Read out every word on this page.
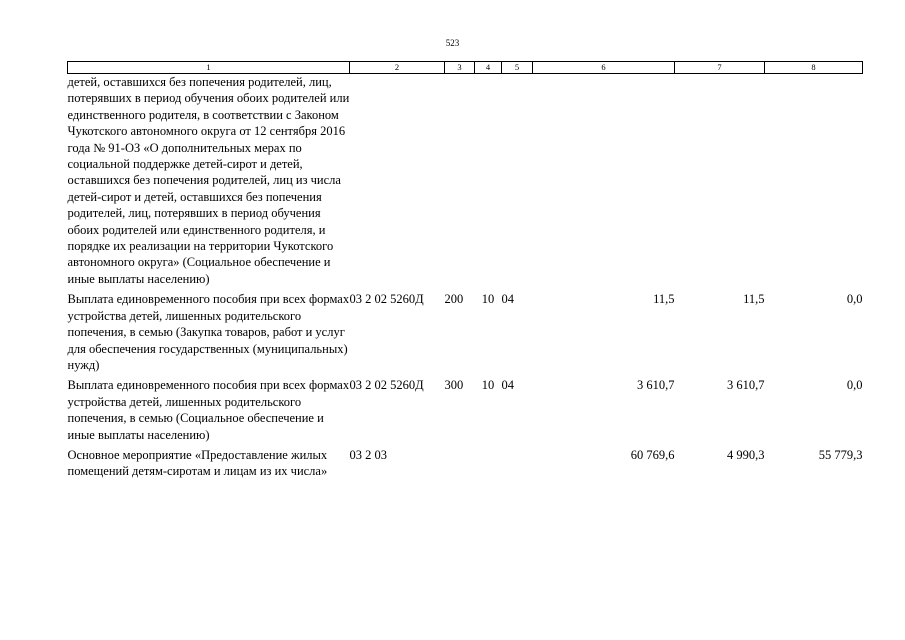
523
1	2	3	4	5	6	7	8
детей, оставшихся без попечения родителей, лиц, потерявших в период обучения обоих родителей или единственного родителя, в соответствии с Законом Чукотского автономного округа от 12 сентября 2016 года № 91-ОЗ «О дополнительных мерах по социальной поддержке детей-сирот и детей, оставшихся без попечения родителей, лиц из числа детей-сирот и детей, оставшихся без попечения родителей, лиц, потерявших в период обучения обоих родителей или единственного родителя, и порядке их реализации на территории Чукотского автономного округа» (Социальное обеспечение и иные выплаты населению)							
Выплата единовременного пособия при всех формах устройства детей, лишенных родительского попечения, в семью (Закупка товаров, работ и услуг для обеспечения государственных (муниципальных) нужд)	03 2 02 5260Д	200	10	04	11,5	11,5	0,0
Выплата единовременного пособия при всех формах устройства детей, лишенных родительского попечения, в семью (Социальное обеспечение и иные выплаты населению)	03 2 02 5260Д	300	10	04	3 610,7	3 610,7	0,0
Основное мероприятие «Предоставление жилых помещений детям-сиротам и лицам из их числа»	03 2 03				60 769,6	4 990,3	55 779,3
